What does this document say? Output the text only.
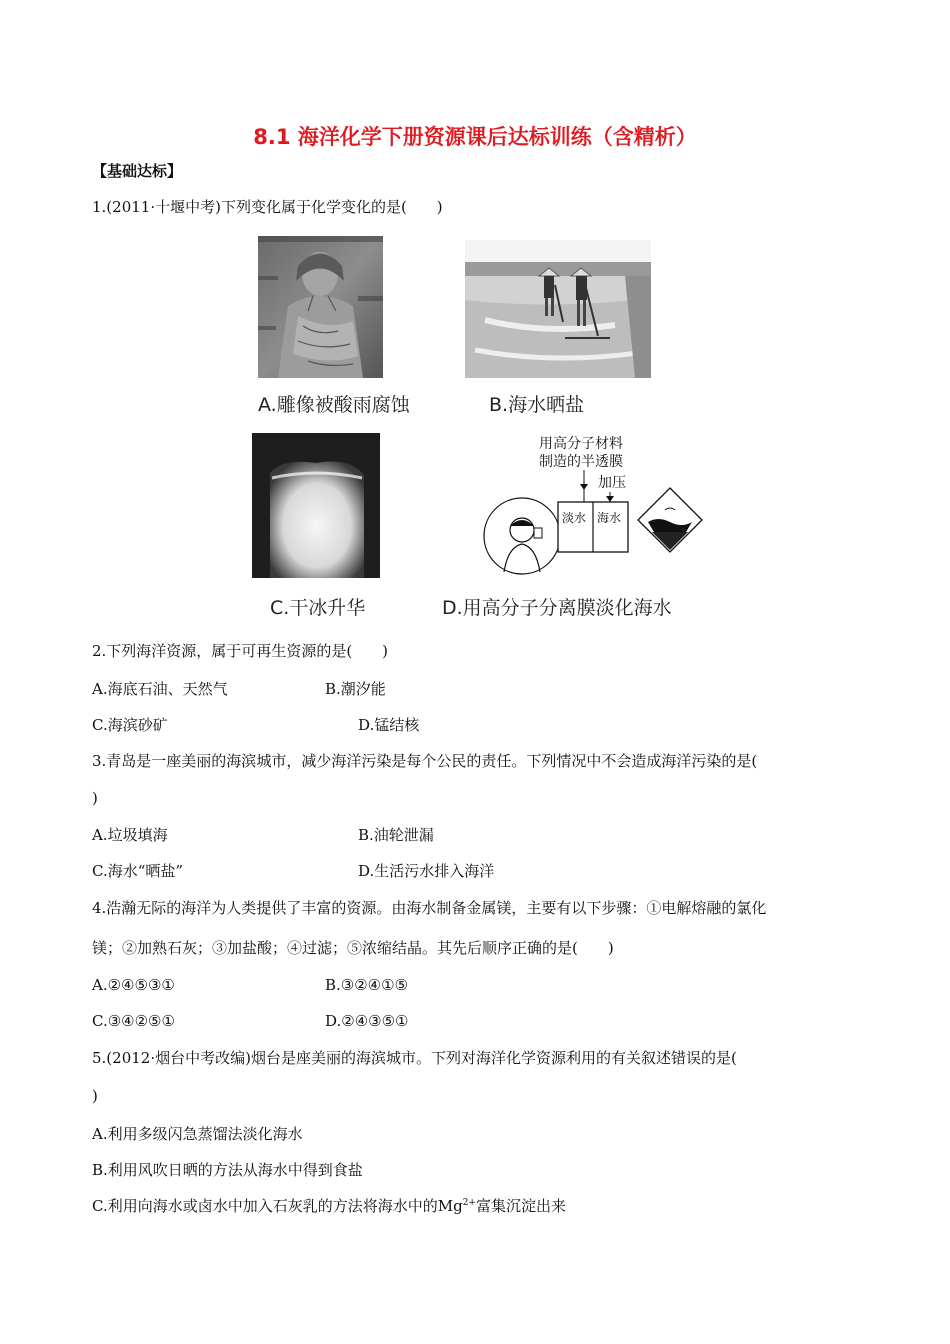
8.1 海洋化学下册资源课后达标训练（含精析）
【基础达标】
1.(2011·十堰中考)下列变化属于化学变化的是(　　)
A.雕像被酸雨腐蚀	B.海水晒盐
C.干冰升华
用高分子材料
制造的半透膜
加压
淡水 海水
D.用高分子分离膜淡化海水
2.下列海洋资源，属于可再生资源的是(　　)
A.海底石油、天然气	B.潮汐能
C.海滨砂矿	D.锰结核
3.青岛是一座美丽的海滨城市，减少海洋污染是每个公民的责任。下列情况中不会造成海洋污染的是(
)
A.垃圾填海	B.油轮泄漏
C.海水“晒盐”	D.生活污水排入海洋
4.浩瀚无际的海洋为人类提供了丰富的资源。由海水制备金属镁，主要有以下步骤：①电解熔融的氯化
镁；②加熟石灰；③加盐酸；④过滤；⑤浓缩结晶。其先后顺序正确的是(　　)
A.②④⑤③①	B.③②④①⑤
C.③④②⑤①	D.②④③⑤①
5.(2012·烟台中考改编)烟台是座美丽的海滨城市。下列对海洋化学资源利用的有关叙述错误的是(
)
A.利用多级闪急蒸馏法淡化海水
B.利用风吹日晒的方法从海水中得到食盐
C.利用向海水或卤水中加入石灰乳的方法将海水中的$Mg^{2+}$富集沉淀出来
